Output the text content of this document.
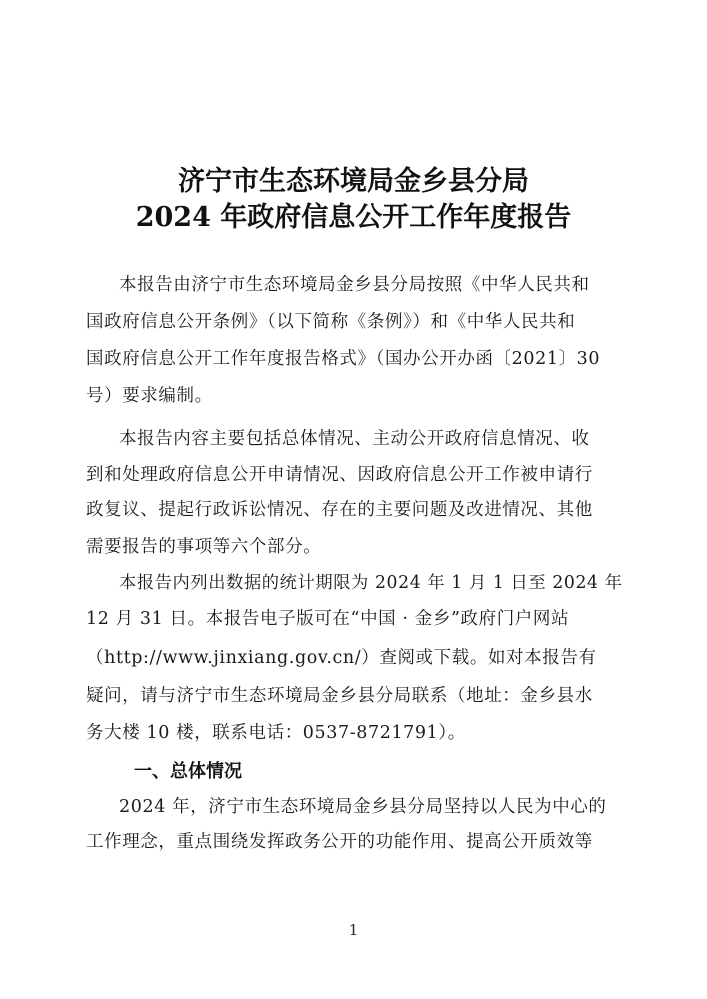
济宁市生态环境局金乡县分局
2024 年政府信息公开工作年度报告
本报告由济宁市生态环境局金乡县分局按照《中华人民共和
国政府信息公开条例》（以下简称《条例》）和《中华人民共和
国政府信息公开工作年度报告格式》（国办公开办函〔2021〕30
号）要求编制。
本报告内容主要包括总体情况、主动公开政府信息情况、收
到和处理政府信息公开申请情况、因政府信息公开工作被申请行
政复议、提起行政诉讼情况、存在的主要问题及改进情况、其他
需要报告的事项等六个部分。
本报告内列出数据的统计期限为 2024 年 1 月 1 日至 2024 年
12 月 31 日。本报告电子版可在“中国 · 金乡”政府门户网站
（http://www.jinxiang.gov.cn/）查阅或下载。如对本报告有
疑问，请与济宁市生态环境局金乡县分局联系（地址：金乡县水
务大楼 10 楼，联系电话：0537-8721791）。
一、总体情况
2024 年，济宁市生态环境局金乡县分局坚持以人民为中心的
工作理念，重点围绕发挥政务公开的功能作用、提高公开质效等
1
